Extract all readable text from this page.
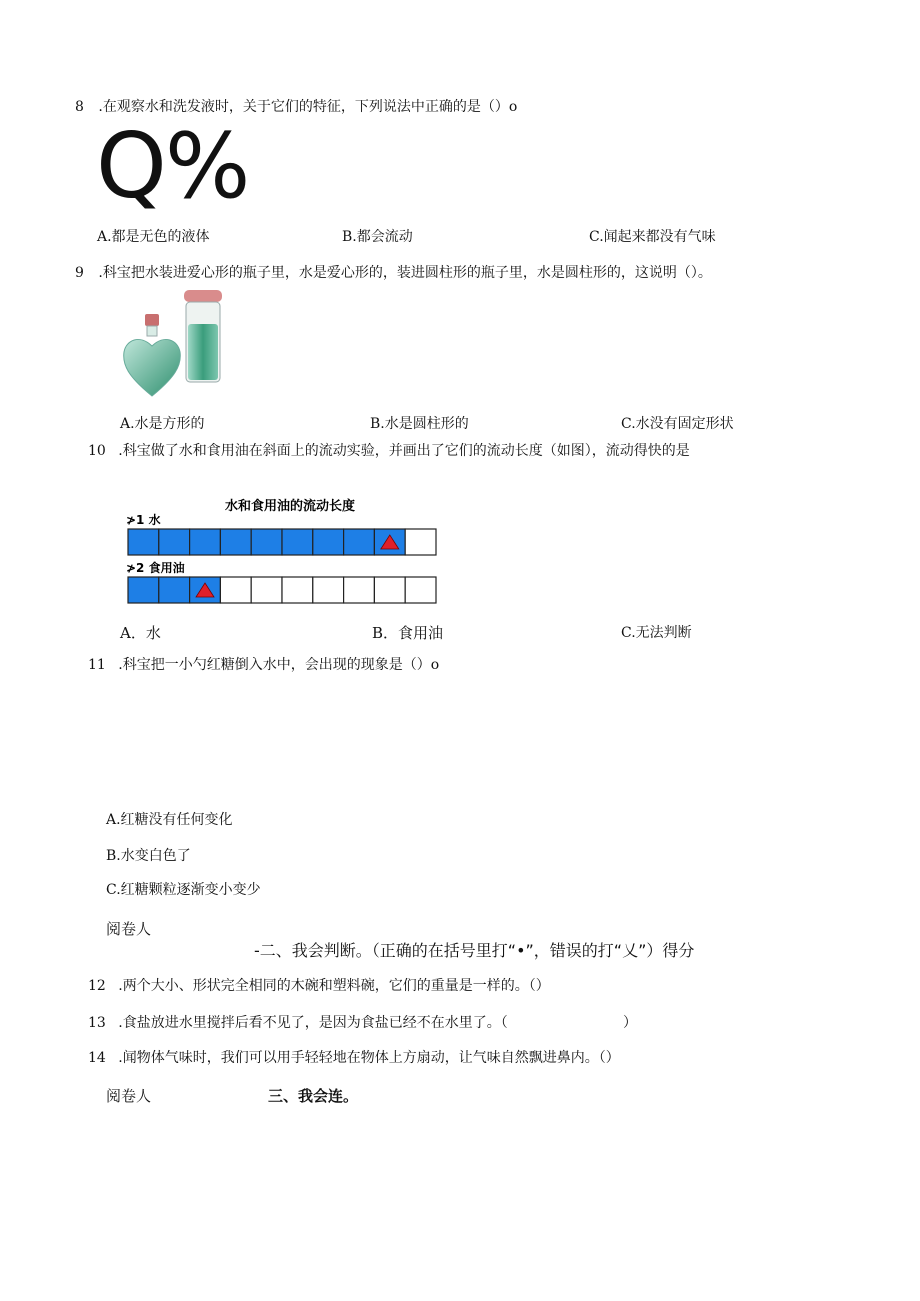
8 .在观察水和洗发液时，关于它们的特征，下列说法中正确的是（）o
Q%
A.都是无色的液体	B.都会流动	C.闻起来都没有气味
9 .科宝把水装进爱心形的瓶子里，水是爱心形的，装进圆柱形的瓶子里，水是圆柱形的，这说明（）。
A.水是方形的	B.水是圆柱形的	C.水没有固定形状
10 .科宝做了水和食用油在斜面上的流动实验，并画出了它们的流动长度（如图），流动得快的是
水和食用油的流动长度
≯1 水
≯2 食用油
A．水	B．食用油	C.无法判断
11 .科宝把一小勺红糖倒入水中，会出现的现象是（）o
A.红糖没有任何变化
B.水变白色了
C.红糖颗粒逐渐变小变少
阅卷人
-二、我会判断。（正确的在括号里打“•”，错误的打“乂”）得分
12 .两个大小、形状完全相同的木碗和塑料碗，它们的重量是一样的。（）
13 .食盐放进水里搅拌后看不见了，是因为食盐已经不在水里了。（	）
14 .闻物体气味时，我们可以用手轻轻地在物体上方扇动，让气味自然飘进鼻内。（）
阅卷人	三、我会连。
